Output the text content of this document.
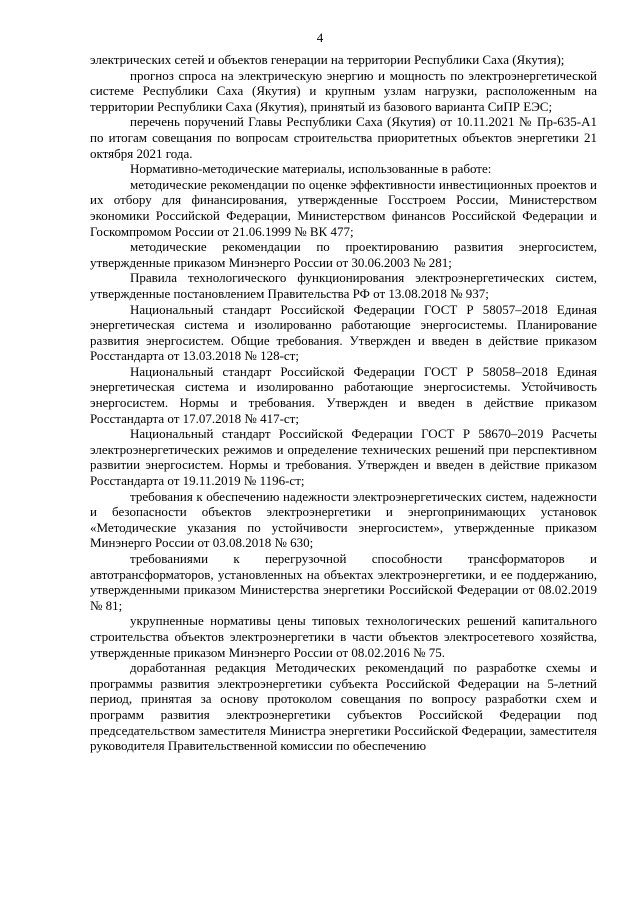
4

электрических сетей и объектов генерации на территории Республики Саха (Якутия);

прогноз спроса на электрическую энергию и мощность по электроэнергетической системе Республики Саха (Якутия) и крупным узлам нагрузки, расположенным на территории Республики Саха (Якутия), принятый из базового варианта СиПР ЕЭС;

перечень поручений Главы Республики Саха (Якутия) от 10.11.2021 № Пр-635-А1 по итогам совещания по вопросам строительства приоритетных объектов энергетики 21 октября 2021 года.

Нормативно-методические материалы, использованные в работе:

методические рекомендации по оценке эффективности инвестиционных проектов и их отбору для финансирования, утвержденные Госстроем России, Министерством экономики Российской Федерации, Министерством финансов Российской Федерации и Госкомпромом России от 21.06.1999 № ВК 477;

методические рекомендации по проектированию развития энергосистем, утвержденные приказом Минэнерго России от 30.06.2003 № 281;

Правила технологического функционирования электроэнергетических систем, утвержденные постановлением Правительства РФ от 13.08.2018 № 937;

Национальный стандарт Российской Федерации ГОСТ Р 58057–2018 Единая энергетическая система и изолированно работающие энергосистемы. Планирование развития энергосистем. Общие требования. Утвержден и введен в действие приказом Росстандарта от 13.03.2018 № 128-ст;

Национальный стандарт Российской Федерации ГОСТ Р 58058–2018 Единая энергетическая система и изолированно работающие энергосистемы. Устойчивость энергосистем. Нормы и требования. Утвержден и введен в действие приказом Росстандарта от 17.07.2018 № 417-ст;

Национальный стандарт Российской Федерации ГОСТ Р 58670–2019 Расчеты электроэнергетических режимов и определение технических решений при перспективном развитии энергосистем. Нормы и требования. Утвержден и введен в действие приказом Росстандарта от 19.11.2019 № 1196-ст;

требования к обеспечению надежности электроэнергетических систем, надежности и безопасности объектов электроэнергетики и энергопринимающих установок «Методические указания по устойчивости энергосистем», утвержденные приказом Минэнерго России от 03.08.2018 № 630;

требованиями к перегрузочной способности трансформаторов и автотрансформаторов, установленных на объектах электроэнергетики, и ее поддержанию, утвержденными приказом Министерства энергетики Российской Федерации от 08.02.2019 № 81;

укрупненные нормативы цены типовых технологических решений капитального строительства объектов электроэнергетики в части объектов электросетевого хозяйства, утвержденные приказом Минэнерго России от 08.02.2016 № 75.

доработанная редакция Методических рекомендаций по разработке схемы и программы развития электроэнергетики субъекта Российской Федерации на 5-летний период, принятая за основу протоколом совещания по вопросу разработки схем и программ развития электроэнергетики субъектов Российской Федерации под председательством заместителя Министра энергетики Российской Федерации, заместителя руководителя Правительственной комиссии по обеспечению
